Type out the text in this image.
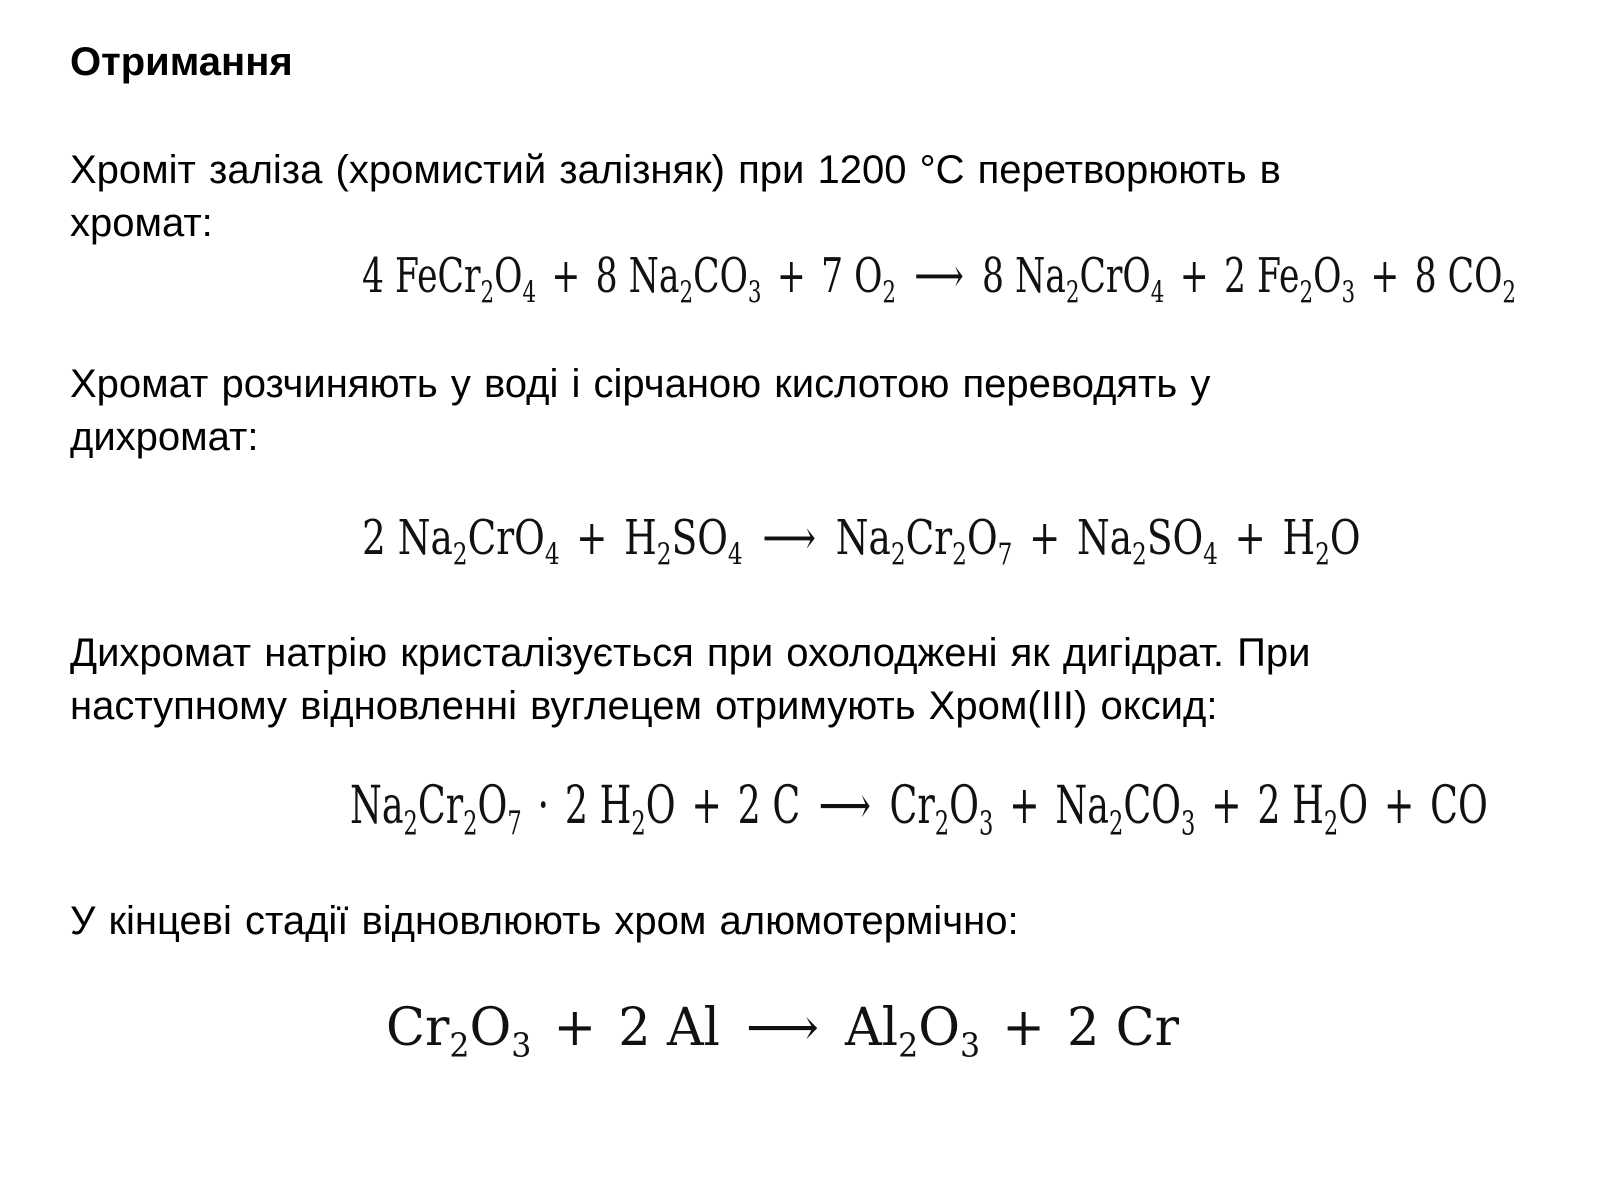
Отримання
Хроміт заліза (хромистий залізняк) при 1200 °C перетворюють в
хромат:
4 $FeCr_2O_4 + 8$ $Na_2CO_3 + 7$ $O_2$ ⟶ 8 $Na_2CrO_4 + 2$ $Fe_2O_3 + 8$ $CO_2$
Хромат розчиняють у воді і сірчаною кислотою переводять у
дихромат:
2 $Na_2CrO_4 + H_2SO_4$ ⟶ $Na_2Cr_2O_7 + Na_2SO_4 + H_2O$
Дихромат натрію кристалізується при охолоджені як дигідрат. При
наступному відновленні вуглецем отримують Хром(III) оксид:
$Na_2Cr_2O_7 \cdot 2$ $H_2O + 2$ C ⟶ $Cr_2O_3 + Na_2CO_3 + 2$ $H_2O$ + CO
У кінцеві стадії відновлюють хром алюмотермічно:
$Cr_2O_3 + 2$ Al ⟶ $Al_2O_3 + 2$ Cr
